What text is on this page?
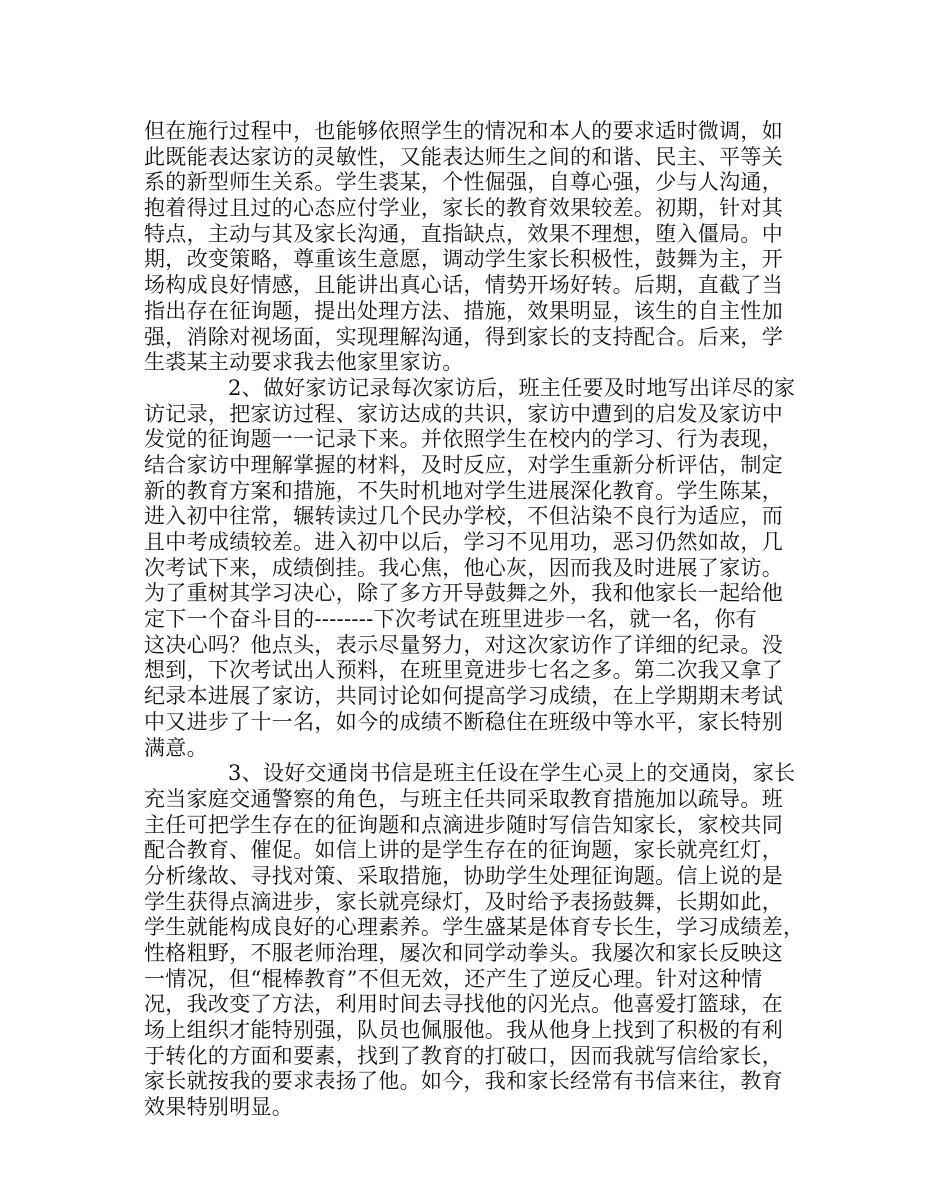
但在施行过程中，也能够依照学生的情况和本人的要求适时微调，如
此既能表达家访的灵敏性，又能表达师生之间的和谐、民主、平等关
系的新型师生关系。学生裘某，个性倔强，自尊心强，少与人沟通，
抱着得过且过的心态应付学业，家长的教育效果较差。初期，针对其
特点，主动与其及家长沟通，直指缺点，效果不理想，堕入僵局。中
期，改变策略，尊重该生意愿，调动学生家长积极性，鼓舞为主，开
场构成良好情感，且能讲出真心话，情势开场好转。后期，直截了当
指出存在征询题，提出处理方法、措施，效果明显，该生的自主性加
强，消除对视场面，实现理解沟通，得到家长的支持配合。后来，学
生裘某主动要求我去他家里家访。
2、做好家访记录每次家访后，班主任要及时地写出详尽的家
访记录，把家访过程、家访达成的共识，家访中遭到的启发及家访中
发觉的征询题一一记录下来。并依照学生在校内的学习、行为表现，
结合家访中理解掌握的材料，及时反应，对学生重新分析评估，制定
新的教育方案和措施，不失时机地对学生进展深化教育。学生陈某，
进入初中往常，辗转读过几个民办学校，不但沾染不良行为适应，而
且中考成绩较差。进入初中以后，学习不见用功，恶习仍然如故，几
次考试下来，成绩倒挂。我心焦，他心灰，因而我及时进展了家访。
为了重树其学习决心，除了多方开导鼓舞之外，我和他家长一起给他
定下一个奋斗目的--------下次考试在班里进步一名，就一名，你有
这决心吗？他点头，表示尽量努力，对这次家访作了详细的纪录。没
想到，下次考试出人预料，在班里竟进步七名之多。第二次我又拿了
纪录本进展了家访，共同讨论如何提高学习成绩，在上学期期末考试
中又进步了十一名，如今的成绩不断稳住在班级中等水平，家长特别
满意。
3、设好交通岗书信是班主任设在学生心灵上的交通岗，家长
充当家庭交通警察的角色，与班主任共同采取教育措施加以疏导。班
主任可把学生存在的征询题和点滴进步随时写信告知家长，家校共同
配合教育、催促。如信上讲的是学生存在的征询题，家长就亮红灯，
分析缘故、寻找对策、采取措施，协助学生处理征询题。信上说的是
学生获得点滴进步，家长就亮绿灯，及时给予表扬鼓舞，长期如此，
学生就能构成良好的心理素养。学生盛某是体育专长生，学习成绩差，
性格粗野，不服老师治理，屡次和同学动拳头。我屡次和家长反映这
一情况，但“棍棒教育”不但无效，还产生了逆反心理。针对这种情
况，我改变了方法，利用时间去寻找他的闪光点。他喜爱打篮球，在
场上组织才能特别强，队员也佩服他。我从他身上找到了积极的有利
于转化的方面和要素，找到了教育的打破口，因而我就写信给家长，
家长就按我的要求表扬了他。如今，我和家长经常有书信来往，教育
效果特别明显。
